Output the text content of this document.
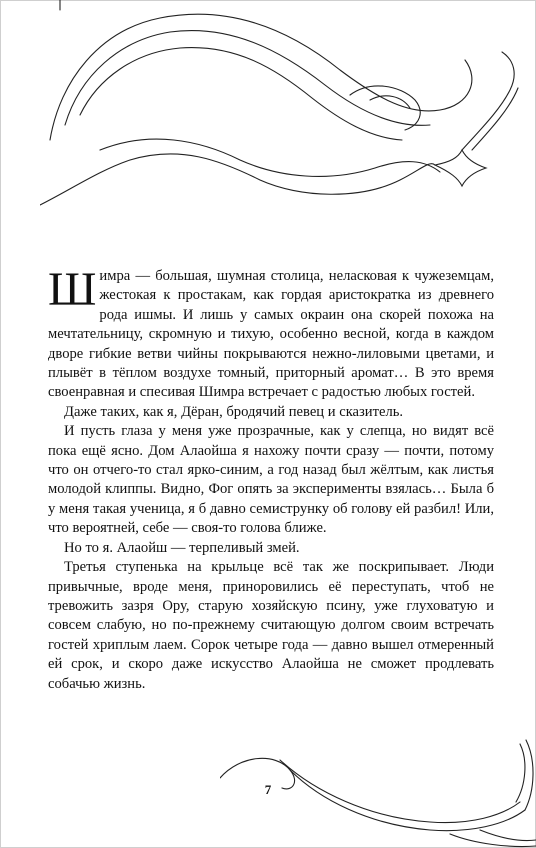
Шимра — большая, шумная столица, неласковая к чужеземцам, жестокая к простакам, как гордая аристократка из древнего рода ишмы. И лишь у самых окраин она скорей похожа на мечтательницу, скромную и тихую, особенно весной, когда в каждом дворе гибкие ветви чийны покрываются нежно-лиловыми цветами, и плывёт в тёплом воздухе томный, приторный аромат… В это время своенравная и спесивая Шимра встречает с радостью любых гостей.

Даже таких, как я, Дёран, бродячий певец и сказитель.

И пусть глаза у меня уже прозрачные, как у слепца, но видят всё пока ещё ясно. Дом Алаойша я нахожу почти сразу — почти, потому что он отчего-то стал ярко-синим, а год назад был жёлтым, как листья молодой клиппы. Видно, Фог опять за эксперименты взялась… Была б у меня такая ученица, я б давно семиструнку об голову ей разбил! Или, что вероятней, себе — своя-то голова ближе.

Но то я. Алаойш — терпеливый змей.

Третья ступенька на крыльце всё так же поскрипывает. Люди привычные, вроде меня, приноровились её переступать, чтоб не тревожить зазря Ору, старую хозяйскую псину, уже глуховатую и совсем слабую, но по-прежнему считающую долгом своим встречать гостей хриплым лаем. Сорок четыре года — давно вышел отмеренный ей срок, и скоро даже искусство Алаойша не сможет продлевать собачью жизнь.

7
